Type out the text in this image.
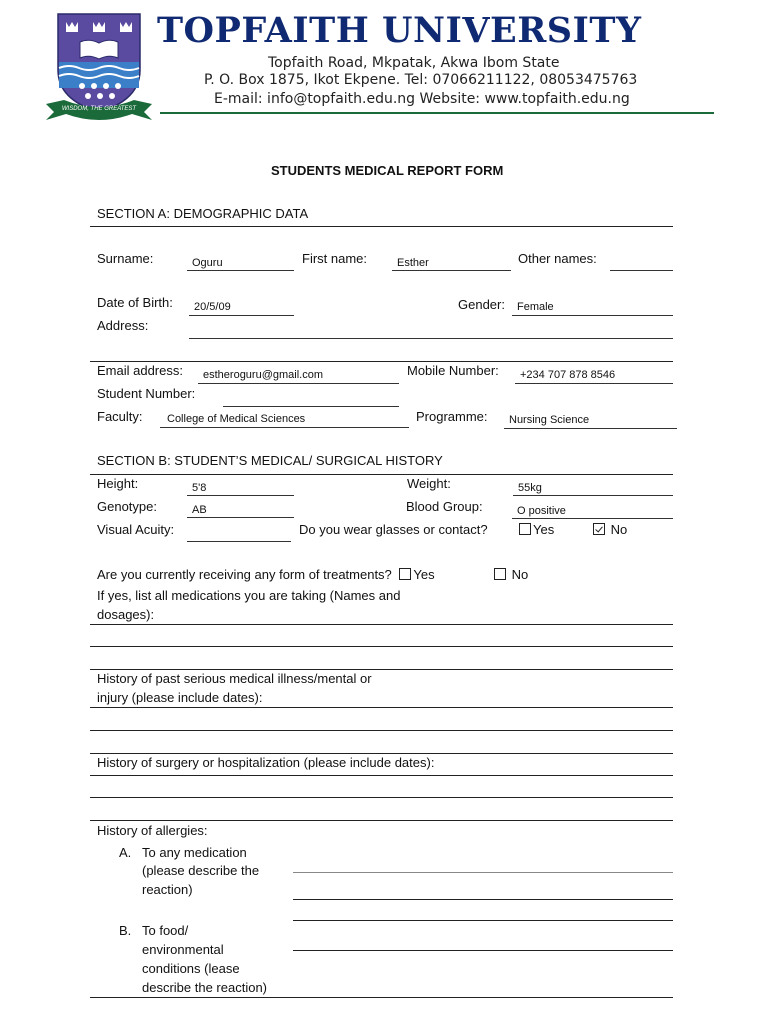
WISDOM, THE GREATEST
TOPFAITH UNIVERSITY
Topfaith Road, Mkpatak, Akwa Ibom State
P. O. Box 1875, Ikot Ekpene. Tel: 07066211122, 08053475763
E-mail: info@topfaith.edu.ng Website: www.topfaith.edu.ng
STUDENTS MEDICAL REPORT FORM
SECTION A: DEMOGRAPHIC DATA
Surname:	Oguru	First name:	Esther	Other names:
Date of Birth: 20/5/09	Gender: Female
Address:
Email address: estheroguru@gmail.com	Mobile Number: +234 707 878 8546
Student Number:
Faculty: College of Medical Sciences	Programme: Nursing Science
SECTION B: STUDENT’S MEDICAL/ SURGICAL HISTORY
Height:	5'8	Weight:	55kg
Genotype:	AB	Blood Group:	O positive
Visual Acuity:	Do you wear glasses or contact?	Yes	No
Are you currently receiving any form of treatments? Yes	No
If yes, list all medications you are taking (Names and
dosages):
History of past serious medical illness/mental or
injury (please include dates):
History of surgery or hospitalization (please include dates):
History of allergies:
A. To any medication
(please describe the
reaction)
B. To food/
environmental
conditions (lease
describe the reaction)
